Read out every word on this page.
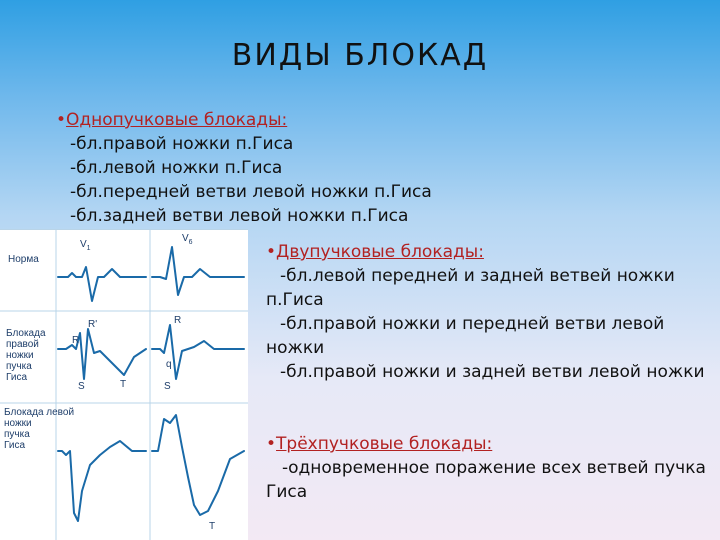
ВИДЫ БЛОКАД
•Однопучковые блокады:
-бл.правой ножки п.Гиса
-бл.левой ножки п.Гиса
-бл.передней ветви левой ножки п.Гиса
-бл.задней ветви левой ножки п.Гиса
•Двупучковые блокады:
-бл.левой передней и задней ветвей ножки п.Гиса
-бл.правой ножки и передней ветви левой ножки
-бл.правой ножки и задней ветви левой ножки
•Трёхпучковые блокады:
-одновременное поражение всех ветвей пучка Гиса
$V_1$
$V_6$
Норма
Блокада правой ножки пучка Гиса
Блокада левой ножки пучка Гиса
R'
R
S	T
R
q
S
T
